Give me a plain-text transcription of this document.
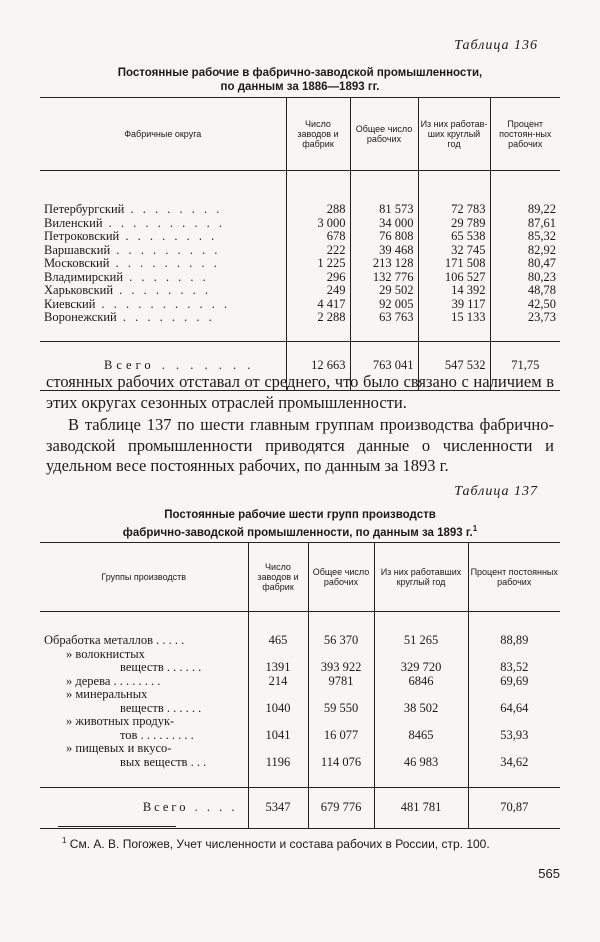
Таблица 136
Постоянные рабочие в фабрично-заводской промышленности,
по данным за 1886—1893 гг.
Фабричные округа	Число заводов и фабрик	Общее число рабочих	Из них работав-ших круглый год	Процент постоян-ных рабочих
Петербургский . . . . . . . .	288	81 573	72 783	89,22
Виленский . . . . . . . . . .	3 000	34 000	29 789	87,61
Петроковский . . . . . . . .	678	76 808	65 538	85,32
Варшавский . . . . . . . . .	222	39 468	32 745	82,92
Московский . . . . . . . . .	1 225	213 128	171 508	80,47
Владимирский . . . . . . .	296	132 776	106 527	80,23
Харьковский . . . . . . . .	249	29 502	14 392	48,78
Киевский . . . . . . . . . . .	4 417	92 005	39 117	42,50
Воронежский . . . . . . . .	2 288	63 763	15 133	23,73
Всего . . . . . . .	12 663	763 041	547 532	71,75
стоянных рабочих отставал от среднего, что было связано с наличием в этих округах сезонных отраслей промышленности.
В таблице 137 по шести главным группам производства фабрично-заводской промышленности приводятся данные о численности и удельном весе постоянных рабочих, по данным за 1893 г.
Таблица 137
Постоянные рабочие шести групп производств
фабрично-заводской промышленности, по данным за 1893 г.$^1$
Группы производств	Число заводов и фабрик	Общее число рабочих	Из них работавших круглый год	Процент постоянных рабочих
Обработка металлов . . . . .	465	56 370	51 265	88,89

» волокнистых
веществ . . . . . .	1391	393 922	329 720	83,52
» дерева . . . . . . . .	214	9781	6846	69,69

» минеральных
веществ . . . . . .	1040	59 550	38 502	64,64

» животных продук-
тов . . . . . . . . .	1041	16 077	8465	53,93

» пищевых и вкусо-
вых веществ . . .	1196	114 076	46 983	34,62
Всего . . . .	5347	679 776	481 781	70,87
$^1$ См. А. В. Погожев, Учет численности и состава рабочих в России, стр. 100.
565
